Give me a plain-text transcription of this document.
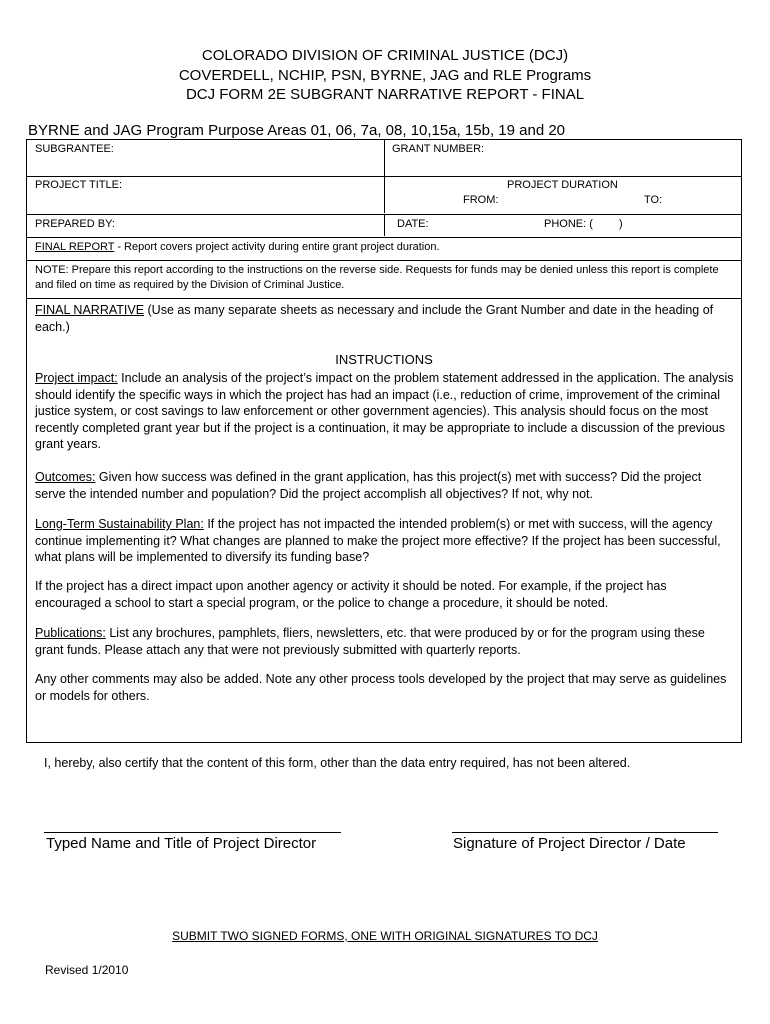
COLORADO DIVISION OF CRIMINAL JUSTICE (DCJ)
COVERDELL, NCHIP, PSN, BYRNE, JAG and RLE Programs
DCJ FORM 2E SUBGRANT NARRATIVE REPORT - FINAL
BYRNE and JAG Program Purpose Areas 01, 06, 7a, 08, 10,15a, 15b, 19 and 20
SUBGRANTEE:	GRANT NUMBER:
PROJECT TITLE:	PROJECT DURATION
FROM:	TO:
PREPARED BY:	DATE:	PHONE: ( )
FINAL REPORT - Report covers project activity during entire grant project duration.
NOTE: Prepare this report according to the instructions on the reverse side. Requests for funds may be denied unless this report is complete and filed on time as required by the Division of Criminal Justice.
FINAL NARRATIVE (Use as many separate sheets as necessary and include the Grant Number and date in the heading of each.)
INSTRUCTIONS
Project impact: Include an analysis of the project’s impact on the problem statement addressed in the application. The analysis should identify the specific ways in which the project has had an impact (i.e., reduction of crime, improvement of the criminal justice system, or cost savings to law enforcement or other government agencies). This analysis should focus on the most recently completed grant year but if the project is a continuation, it may be appropriate to include a discussion of the previous grant years.
Outcomes: Given how success was defined in the grant application, has this project(s) met with success? Did the project serve the intended number and population? Did the project accomplish all objectives? If not, why not.
Long-Term Sustainability Plan: If the project has not impacted the intended problem(s) or met with success, will the agency continue implementing it? What changes are planned to make the project more effective? If the project has been successful, what plans will be implemented to diversify its funding base?
If the project has a direct impact upon another agency or activity it should be noted. For example, if the project has encouraged a school to start a special program, or the police to change a procedure, it should be noted.
Publications: List any brochures, pamphlets, fliers, newsletters, etc. that were produced by or for the program using these grant funds. Please attach any that were not previously submitted with quarterly reports.
Any other comments may also be added. Note any other process tools developed by the project that may serve as guidelines or models for others.
I, hereby, also certify that the content of this form, other than the data entry required, has not been altered.
Typed Name and Title of Project Director	Signature of Project Director / Date
SUBMIT TWO SIGNED FORMS, ONE WITH ORIGINAL SIGNATURES TO DCJ
Revised 1/2010
